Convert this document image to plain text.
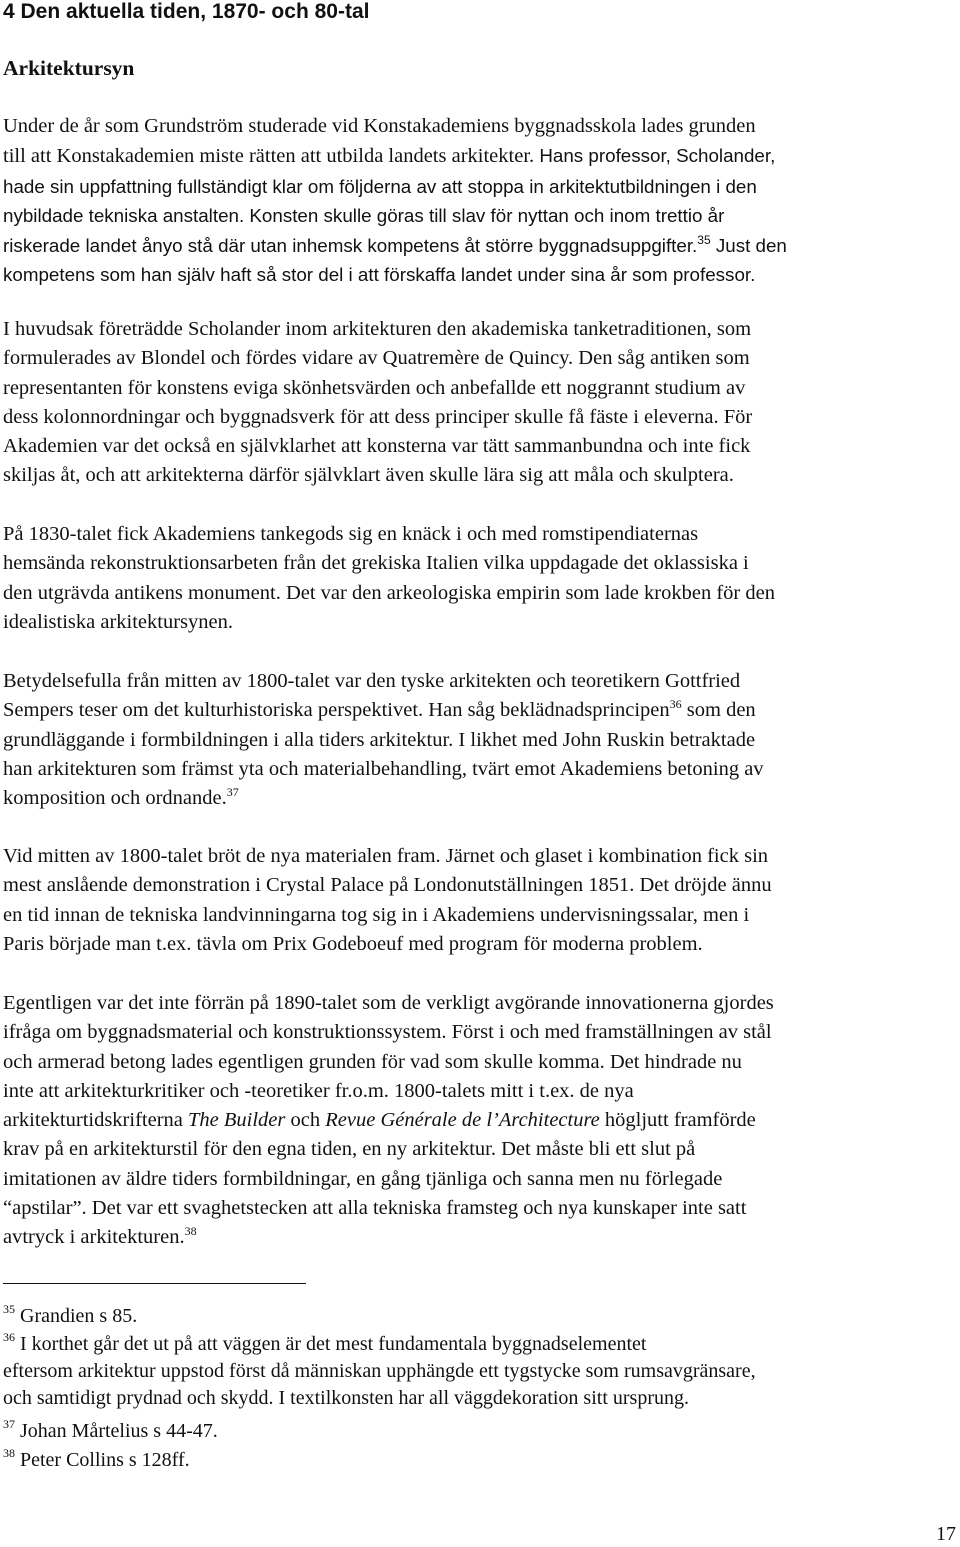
4 Den aktuella tiden, 1870- och 80-tal
Arkitektursyn
Under de år som Grundström studerade vid Konstakademiens byggnadsskola lades grunden
till att Konstakademien miste rätten att utbilda landets arkitekter. Hans professor, Scholander,
hade sin uppfattning fullständigt klar om följderna av att stoppa in arkitektutbildningen i den
nybildade tekniska anstalten. Konsten skulle göras till slav för nyttan och inom trettio år
riskerade landet ånyo stå där utan inhemsk kompetens åt större byggnadsuppgifter.$^{35}$ Just den
kompetens som han själv haft så stor del i att förskaffa landet under sina år som professor.
I huvudsak företrädde Scholander inom arkitekturen den akademiska tanketraditionen, som
formulerades av Blondel och fördes vidare av Quatremère de Quincy. Den såg antiken som
representanten för konstens eviga skönhetsvärden och anbefallde ett noggrannt studium av
dess kolonnordningar och byggnadsverk för att dess principer skulle få fäste i eleverna. För
Akademien var det också en självklarhet att konsterna var tätt sammanbundna och inte fick
skiljas åt, och att arkitekterna därför självklart även skulle lära sig att måla och skulptera.
På 1830-talet fick Akademiens tankegods sig en knäck i och med romstipendiaternas
hemsända rekonstruktionsarbeten från det grekiska Italien vilka uppdagade det oklassiska i
den utgrävda antikens monument. Det var den arkeologiska empirin som lade krokben för den
idealistiska arkitektursynen.
Betydelsefulla från mitten av 1800-talet var den tyske arkitekten och teoretikern Gottfried
Sempers teser om det kulturhistoriska perspektivet. Han såg beklädnadsprincipen$^{36}$ som den
grundläggande i formbildningen i alla tiders arkitektur. I likhet med John Ruskin betraktade
han arkitekturen som främst yta och materialbehandling, tvärt emot Akademiens betoning av
komposition och ordnande.$^{37}$
Vid mitten av 1800-talet bröt de nya materialen fram. Järnet och glaset i kombination fick sin
mest anslående demonstration i Crystal Palace på Londonutställningen 1851. Det dröjde ännu
en tid innan de tekniska landvinningarna tog sig in i Akademiens undervisningssalar, men i
Paris började man t.ex. tävla om Prix Godeboeuf med program för moderna problem.
Egentligen var det inte förrän på 1890-talet som de verkligt avgörande innovationerna gjordes
ifråga om byggnadsmaterial och konstruktionssystem. Först i och med framställningen av stål
och armerad betong lades egentligen grunden för vad som skulle komma. Det hindrade nu
inte att arkitekturkritiker och -teoretiker fr.o.m. 1800-talets mitt i t.ex. de nya
arkitekturtidskrifterna The Builder och Revue Générale de l’Architecture högljutt framförde
krav på en arkitekturstil för den egna tiden, en ny arkitektur. Det måste bli ett slut på
imitationen av äldre tiders formbildningar, en gång tjänliga och sanna men nu förlegade
“apstilar”. Det var ett svaghetstecken att alla tekniska framsteg och nya kunskaper inte satt
avtryck i arkitekturen.$^{38}$
$^{35}$ Grandien s 85.
$^{36}$ I korthet går det ut på att väggen är det mest fundamentala byggnadselementet
eftersom arkitektur uppstod först då människan upphängde ett tygstycke som rumsavgränsare,
och samtidigt prydnad och skydd. I textilkonsten har all väggdekoration sitt ursprung.
$^{37}$ Johan Mårtelius s 44-47.
$^{38}$ Peter Collins s 128ff.
17
